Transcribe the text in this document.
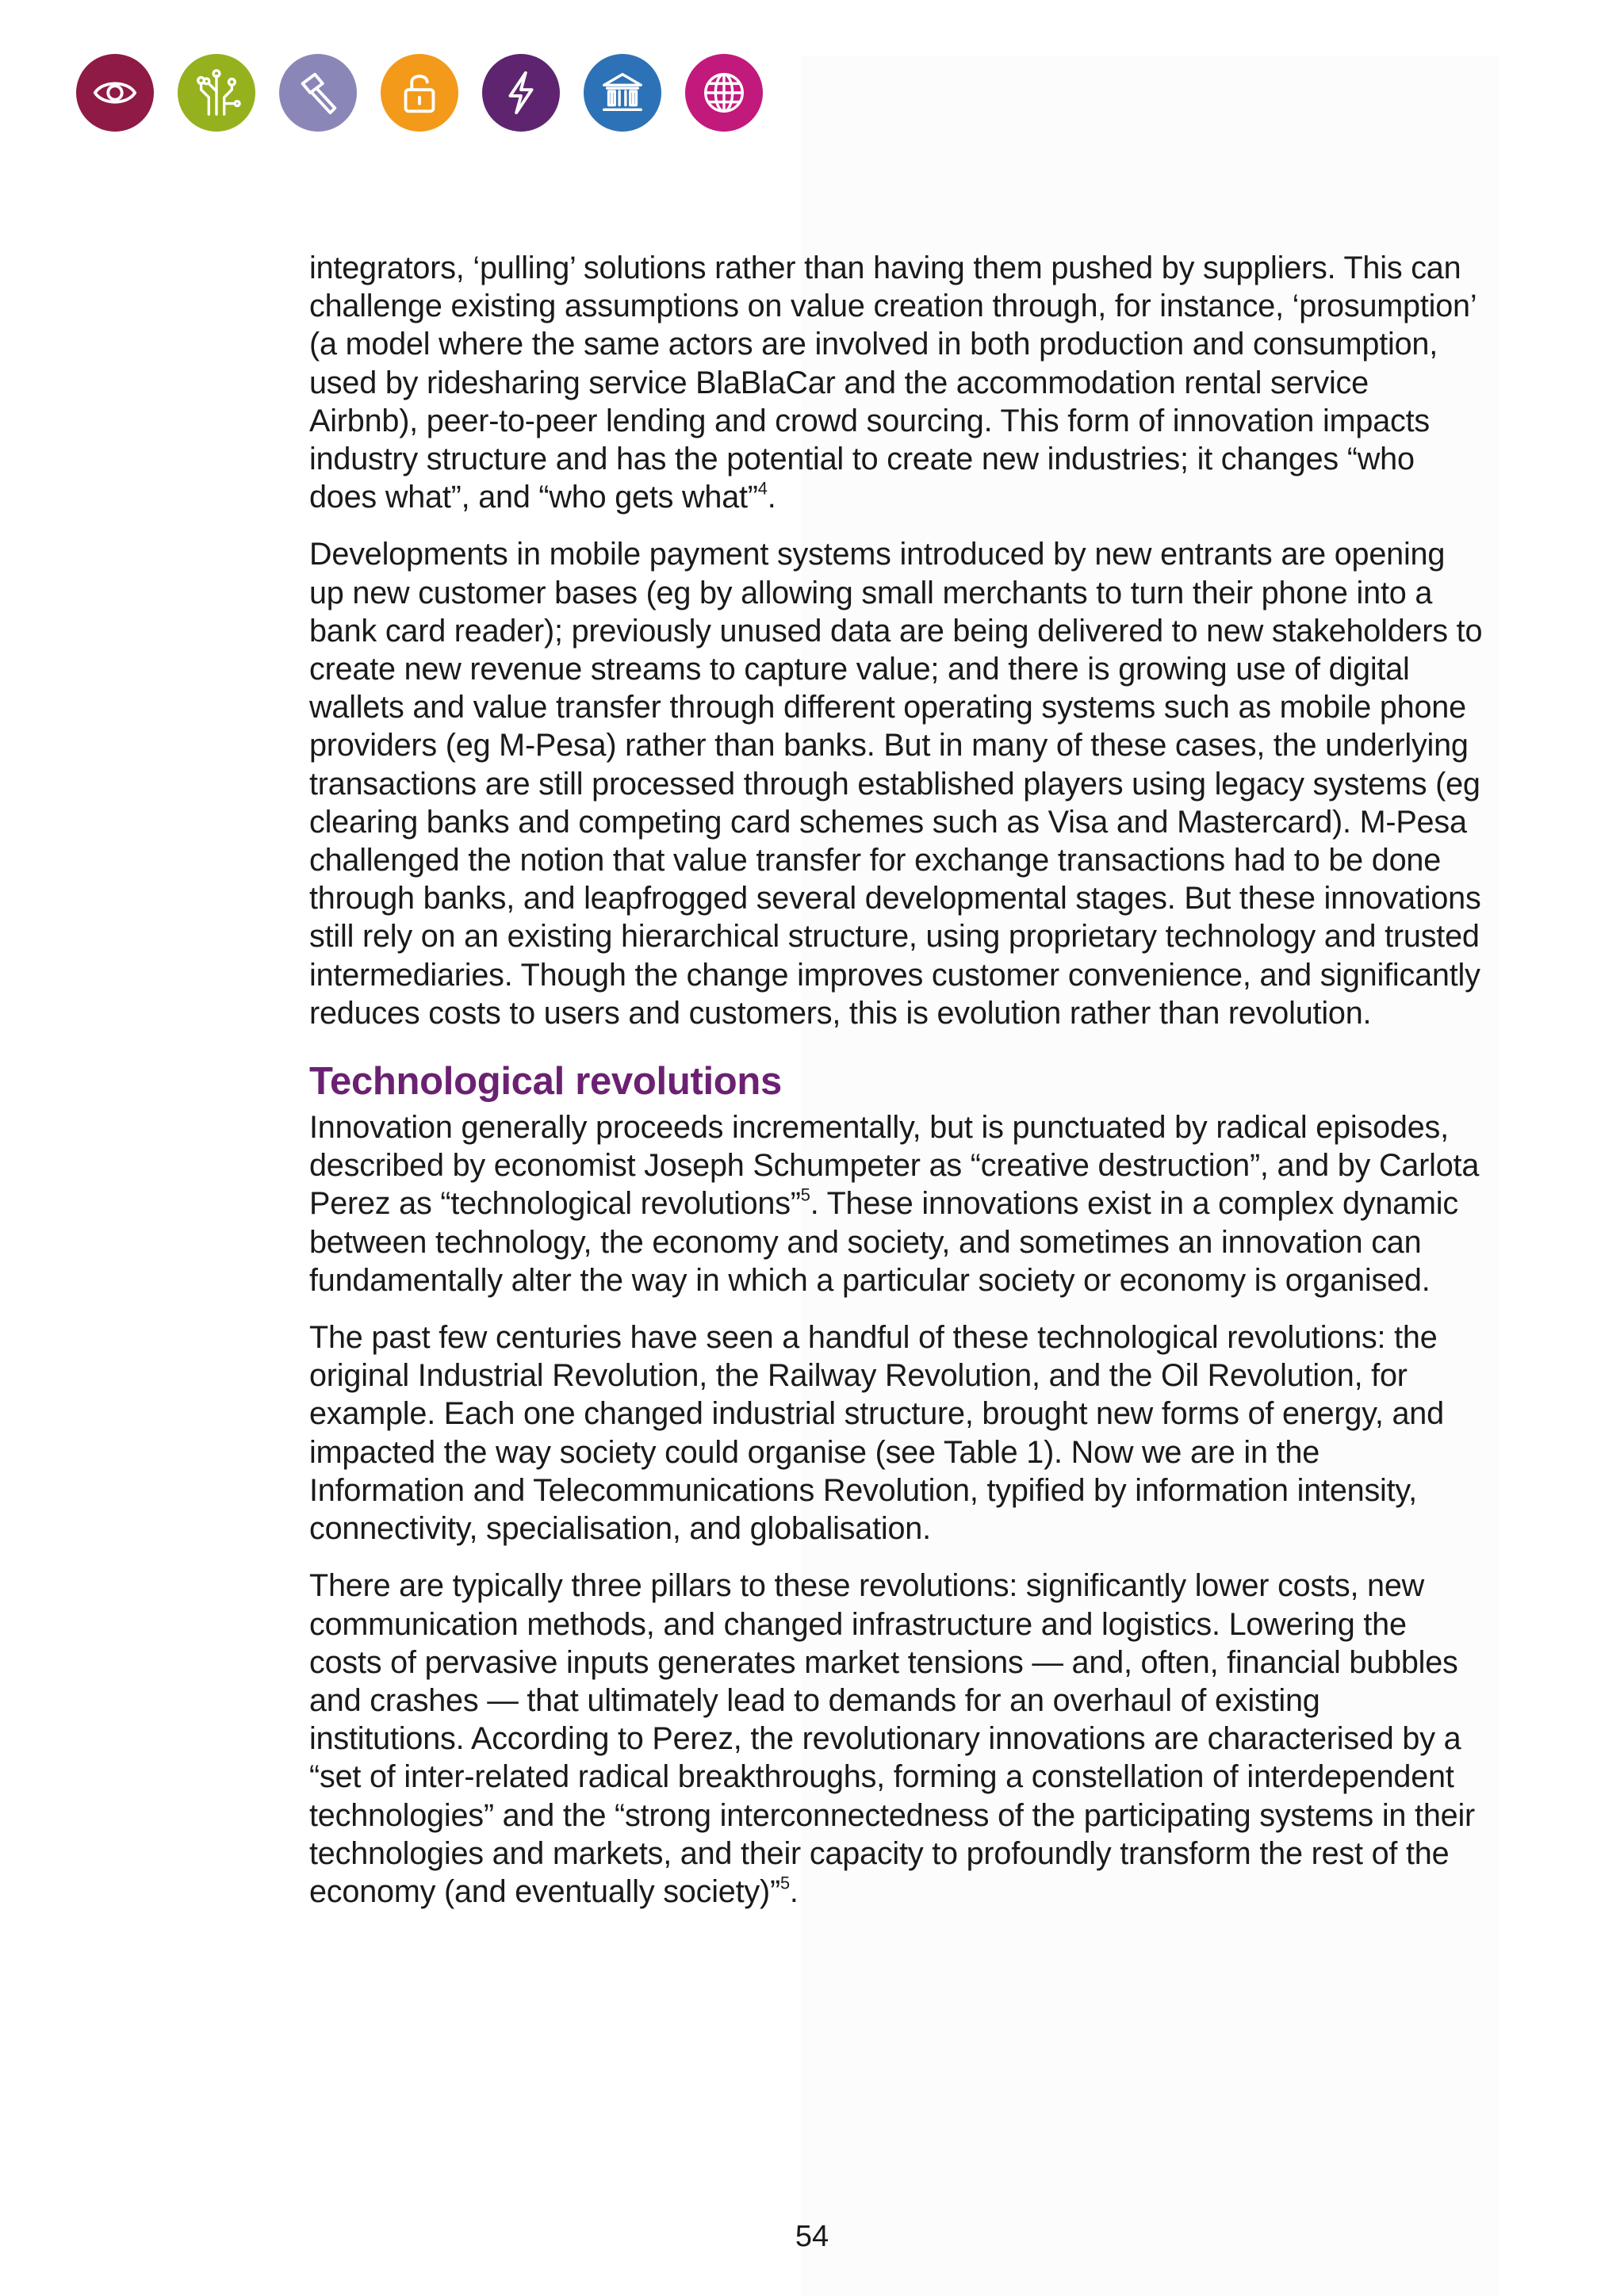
integrators, ‘pulling’ solutions rather than having them pushed by suppliers. This can challenge existing assumptions on value creation through, for instance, ‘prosumption’ (a model where the same actors are involved in both production and consumption, used by ridesharing service BlaBlaCar and the accommodation rental service Airbnb), peer-to-peer lending and crowd sourcing. This form of innovation impacts industry structure and has the potential to create new industries; it changes “who does what”, and “who gets what”$^4$.

Developments in mobile payment systems introduced by new entrants are opening up new customer bases (eg by allowing small merchants to turn their phone into a bank card reader); previously unused data are being delivered to new stakeholders to create new revenue streams to capture value; and there is growing use of digital wallets and value transfer through different operating systems such as mobile phone providers (eg M-Pesa) rather than banks. But in many of these cases, the underlying transactions are still processed through established players using legacy systems (eg clearing banks and competing card schemes such as Visa and Mastercard). M-Pesa challenged the notion that value transfer for exchange transactions had to be done through banks, and leapfrogged several developmental stages. But these innovations still rely on an existing hierarchical structure, using proprietary technology and trusted intermediaries. Though the change improves customer convenience, and significantly reduces costs to users and customers, this is evolution rather than revolution.

Technological revolutions

Innovation generally proceeds incrementally, but is punctuated by radical episodes, described by economist Joseph Schumpeter as “creative destruction”, and by Carlota Perez as “technological revolutions”$^5$. These innovations exist in a complex dynamic between technology, the economy and society, and sometimes an innovation can fundamentally alter the way in which a particular society or economy is organised.

The past few centuries have seen a handful of these technological revolutions: the original Industrial Revolution, the Railway Revolution, and the Oil Revolution, for example. Each one changed industrial structure, brought new forms of energy, and impacted the way society could organise (see Table 1). Now we are in the Information and Telecommunications Revolution, typified by information intensity, connectivity, specialisation, and globalisation.

There are typically three pillars to these revolutions: significantly lower costs, new communication methods, and changed infrastructure and logistics. Lowering the costs of pervasive inputs generates market tensions — and, often, financial bubbles and crashes — that ultimately lead to demands for an overhaul of existing institutions. According to Perez, the revolutionary innovations are characterised by a “set of inter-related radical breakthroughs, forming a constellation of interdependent technologies” and the “strong interconnectedness of the participating systems in their technologies and markets, and their capacity to profoundly transform the rest of the economy (and eventually society)”$^5$.

54
